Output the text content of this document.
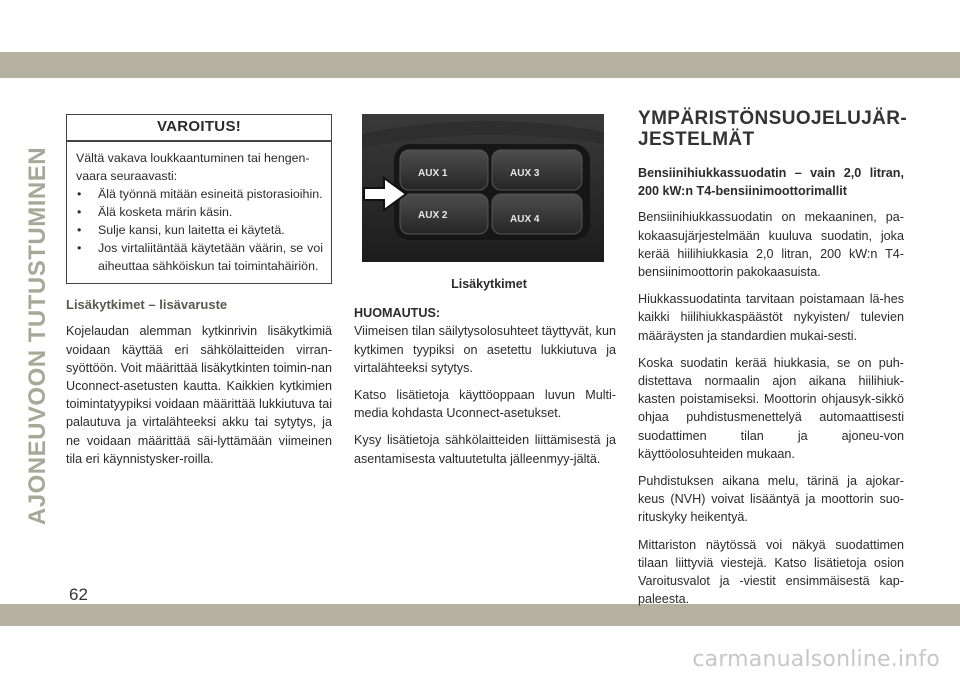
AJONEUVOON TUTUSTUMINEN
VAROITUS!

Vältä vakava loukkaantuminen tai hengen-vaara seuraavasti:

• Älä työnnä mitään esineitä pistorasioihin.
• Älä kosketa märin käsin.
• Sulje kansi, kun laitetta ei käytetä.
• Jos virtaliitäntää käytetään väärin, se voi aiheuttaa sähköiskun tai toimintahäiriön.
Lisäkytkimet – lisävaruste

Kojelaudan alemman kytkinrivin lisäkytkimiä voidaan käyttää eri sähkölaitteiden virran-syöttöön. Voit määrittää lisäkytkinten toimin-nan Uconnect-asetusten kautta. Kaikkien kytkimien toimintatyypiksi voidaan määrittää lukkiutuva tai palautuva ja virtalähteeksi akku tai sytytys, ja ne voidaan määrittää säi-lyttämään viimeinen tila eri käynnistysker-roilla.

AUX 1	AUX 3
AUX 2	AUX 4
Lisäkytkimet

HUOMAUTUS:

Viimeisen tilan säilytysolosuhteet täyttyvät, kun kytkimen tyypiksi on asetettu lukkiutuva ja virtalähteeksi sytytys.

Katso lisätietoja käyttöoppaan luvun Multi-media kohdasta Uconnect-asetukset.

Kysy lisätietoja sähkölaitteiden liittämisestä ja asentamisesta valtuutetulta jälleenmyy-jältä.

YMPÄRISTÖNSUOJELUJÄR-
JESTELMÄT

Bensiinihiukkassuodatin – vain 2,0 litran, 200 kW:n T4-bensiinimoottorimallit

Bensiinihiukkassuodatin on mekaaninen, pa-kokaasujärjestelmään kuuluva suodatin, joka kerää hiilihiukkasia 2,0 litran, 200 kW:n T4-bensiinimoottorin pakokaasuista.

Hiukkassuodatinta tarvitaan poistamaan lä-hes kaikki hiilihiukkaspäästöt nykyisten/ tulevien määräysten ja standardien mukai-sesti.

Koska suodatin kerää hiukkasia, se on puh-distettava normaalin ajon aikana hiilihiuk-kasten poistamiseksi. Moottorin ohjausyk-sikkö ohjaa puhdistusmenettelyä automaattisesti suodattimen tilan ja ajoneu-von käyttöolosuhteiden mukaan.

Puhdistuksen aikana melu, tärinä ja ajokar-keus (NVH) voivat lisääntyä ja moottorin suo-rituskyky heikentyä.

Mittariston näytössä voi näkyä suodattimen tilaan liittyviä viestejä. Katso lisätietoja osion Varoitusvalot ja -viestit ensimmäisestä kap-paleesta.

62
carmanualsonline.info
